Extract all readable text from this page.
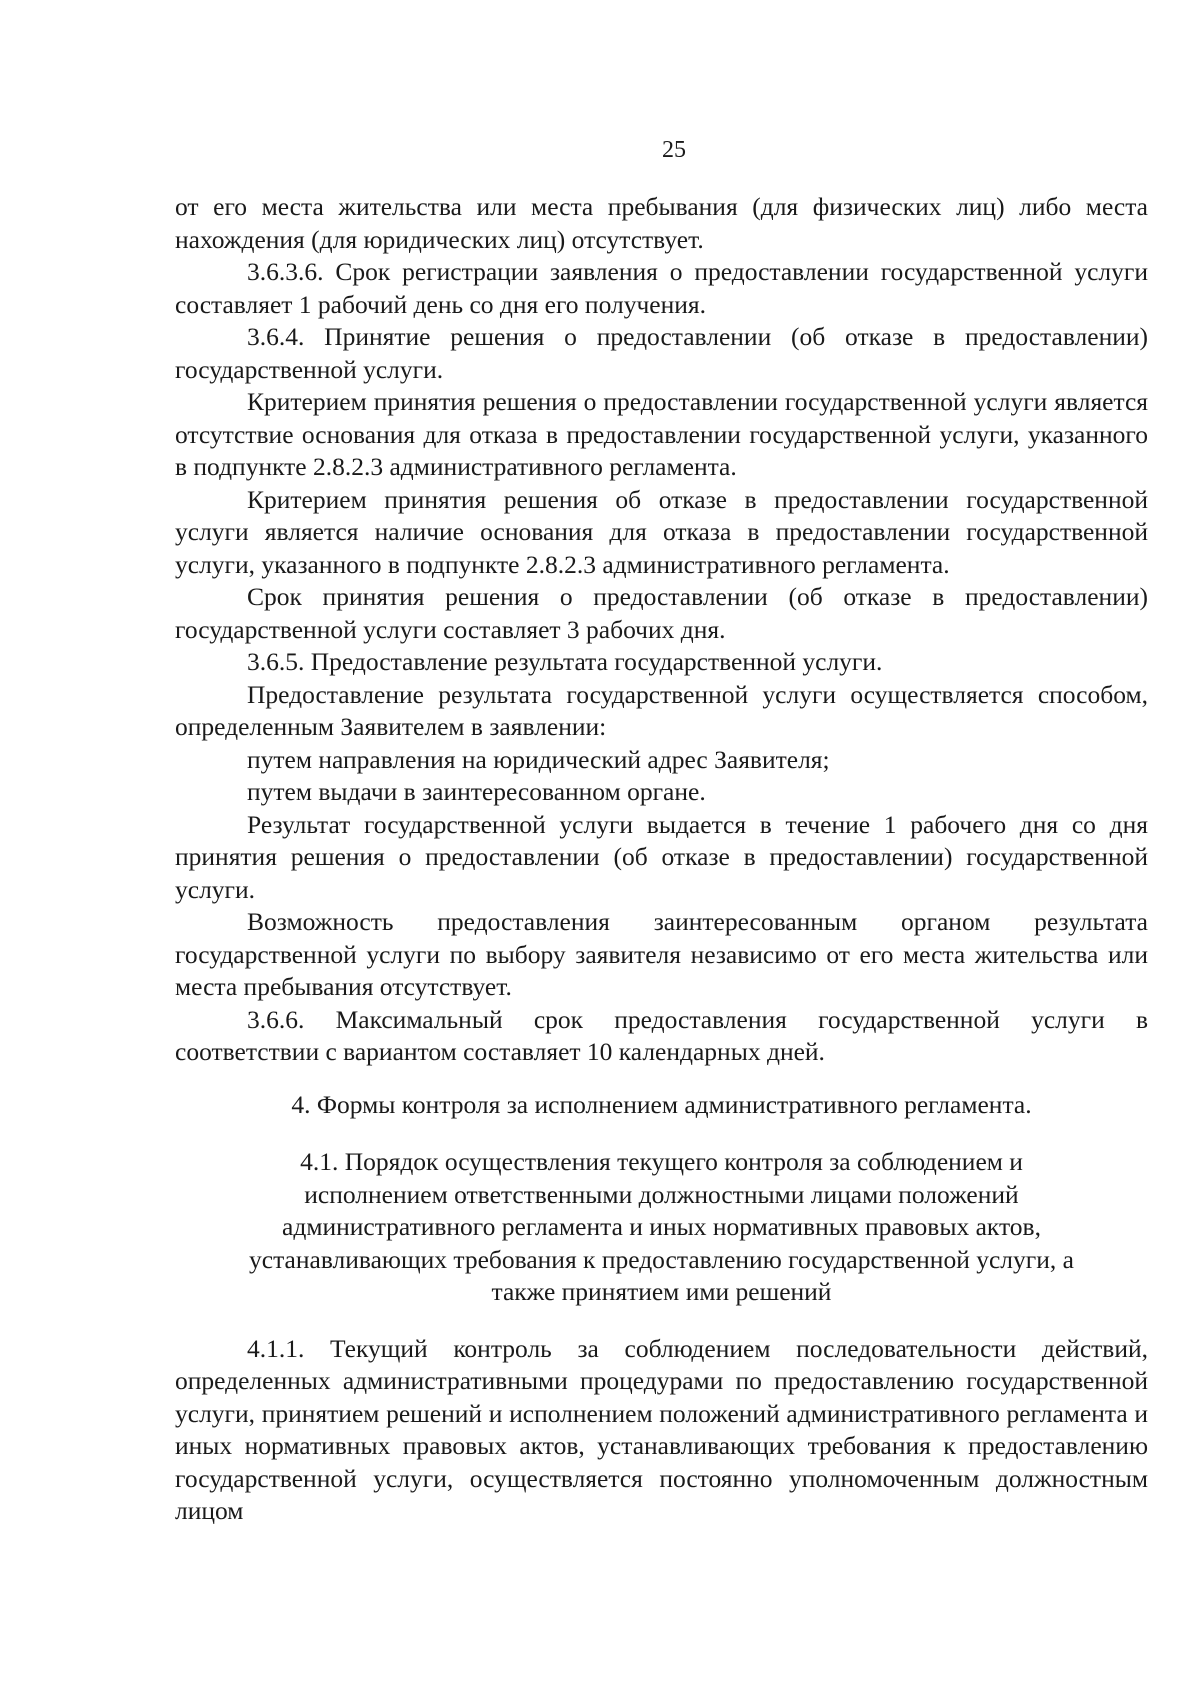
25

от его места жительства или места пребывания (для физических лиц) либо места нахождения (для юридических лиц) отсутствует.

3.6.3.6. Срок регистрации заявления о предоставлении государственной услуги составляет 1 рабочий день со дня его получения.

3.6.4. Принятие решения о предоставлении (об отказе в предоставлении) государственной услуги.

Критерием принятия решения о предоставлении государственной услуги является отсутствие основания для отказа в предоставлении государственной услуги, указанного в подпункте 2.8.2.3 административного регламента.

Критерием принятия решения об отказе в предоставлении государственной услуги является наличие основания для отказа в предоставлении государственной услуги, указанного в подпункте 2.8.2.3 административного регламента.

Срок принятия решения о предоставлении (об отказе в предоставлении) государственной услуги составляет 3 рабочих дня.

3.6.5. Предоставление результата государственной услуги.

Предоставление результата государственной услуги осуществляется способом, определенным Заявителем в заявлении:

путем направления на юридический адрес Заявителя;

путем выдачи в заинтересованном органе.

Результат государственной услуги выдается в течение 1 рабочего дня со дня принятия решения о предоставлении (об отказе в предоставлении) государственной услуги.

Возможность предоставления заинтересованным органом результата государственной услуги по выбору заявителя независимо от его места жительства или места пребывания отсутствует.

3.6.6. Максимальный срок предоставления государственной услуги в соответствии с вариантом составляет 10 календарных дней.

4. Формы контроля за исполнением административного регламента.

4.1. Порядок осуществления текущего контроля за соблюдением и исполнением ответственными должностными лицами положений административного регламента и иных нормативных правовых актов, устанавливающих требования к предоставлению государственной услуги, а также принятием ими решений

4.1.1. Текущий контроль за соблюдением последовательности действий, определенных административными процедурами по предоставлению государственной услуги, принятием решений и исполнением положений административного регламента и иных нормативных правовых актов, устанавливающих требования к предоставлению государственной услуги, осуществляется постоянно уполномоченным должностным лицом
